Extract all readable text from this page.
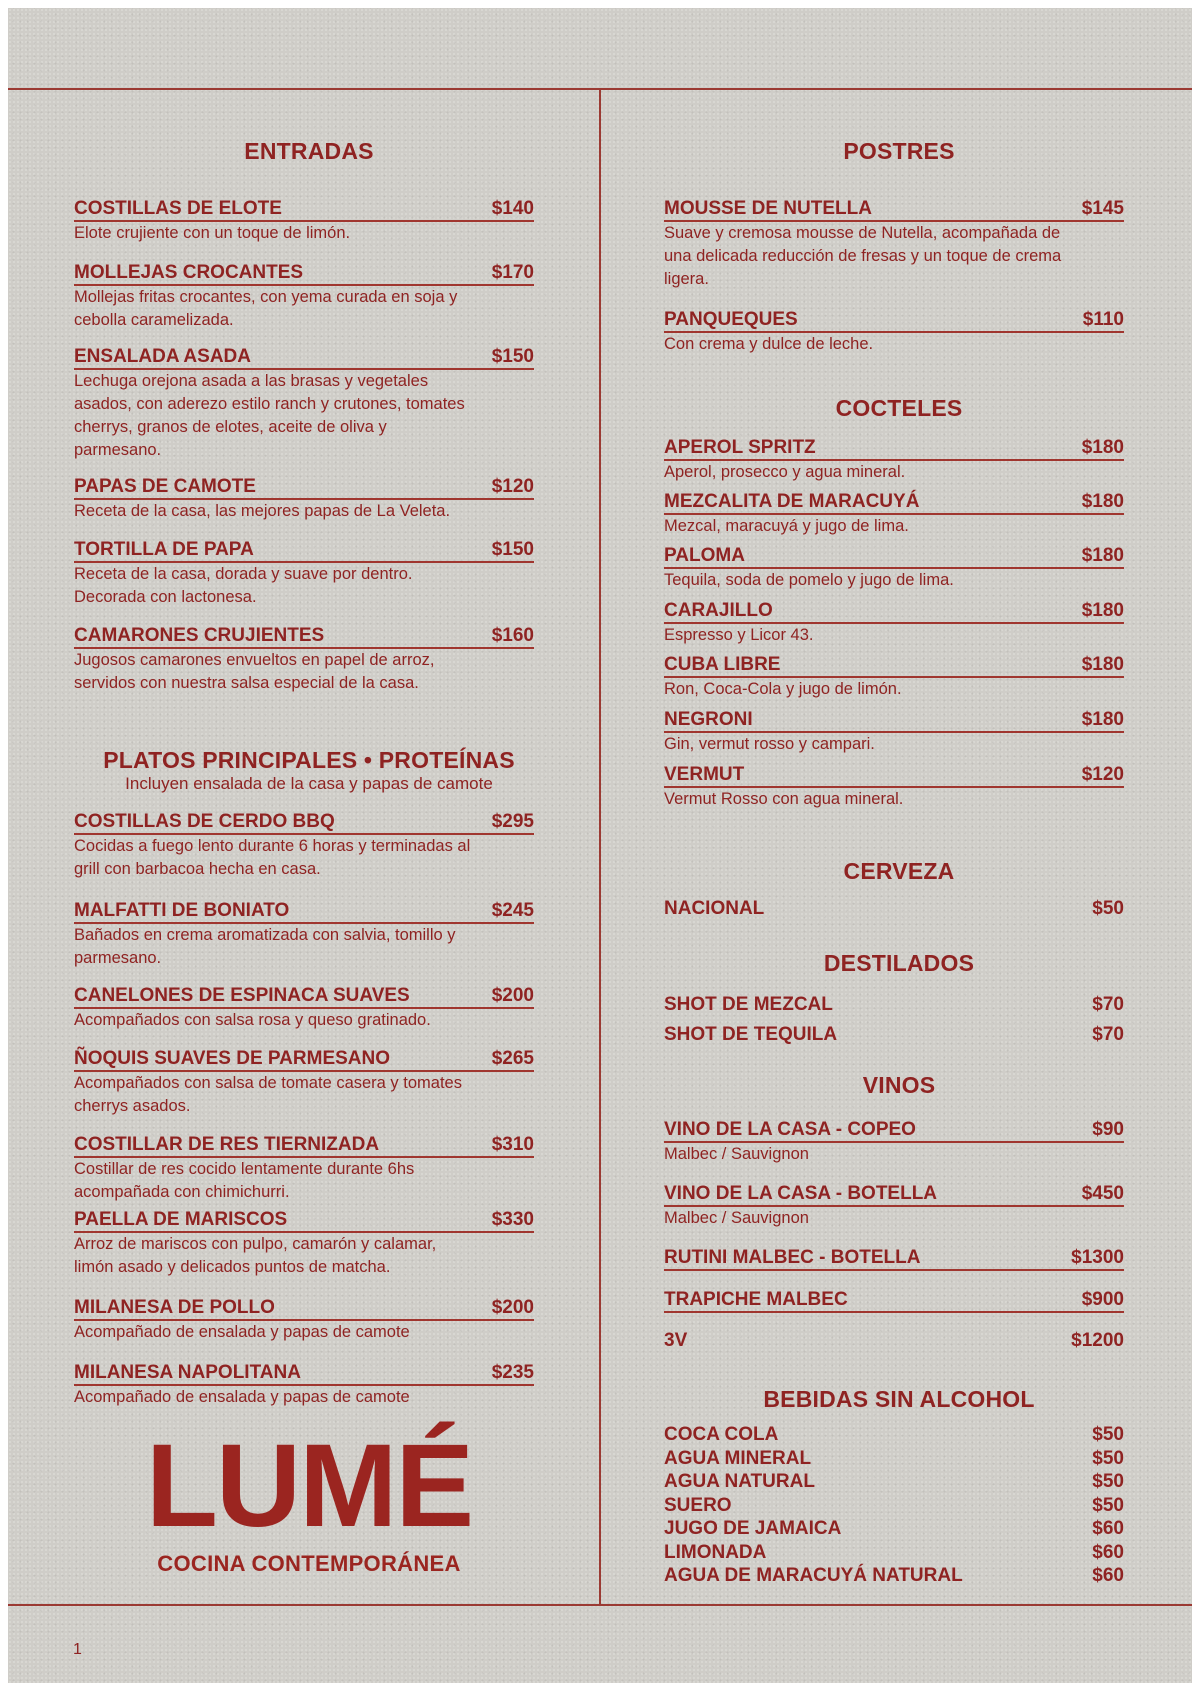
ENTRADAS
COSTILLAS DE ELOTE	$140
Elote crujiente con un toque de limón.
MOLLEJAS CROCANTES	$170
Mollejas fritas crocantes, con yema curada en soja y cebolla caramelizada.
ENSALADA ASADA	$150
Lechuga orejona asada a las brasas y vegetales asados, con aderezo estilo ranch y crutones, tomates cherrys, granos de elotes, aceite de oliva y parmesano.
PAPAS DE CAMOTE	$120
Receta de la casa, las mejores papas de La Veleta.
TORTILLA DE PAPA	$150
Receta de la casa, dorada y suave por dentro. Decorada con lactonesa.
CAMARONES CRUJIENTES	$160
Jugosos camarones envueltos en papel de arroz, servidos con nuestra salsa especial de la casa.
PLATOS PRINCIPALES • PROTEÍNAS
Incluyen ensalada de la casa y papas de camote
COSTILLAS DE CERDO BBQ	$295
Cocidas a fuego lento durante 6 horas y terminadas al grill con barbacoa hecha en casa.
MALFATTI DE BONIATO	$245
Bañados en crema aromatizada con salvia, tomillo y parmesano.
CANELONES DE ESPINACA SUAVES	$200
Acompañados con salsa rosa y queso gratinado.
ÑOQUIS SUAVES DE PARMESANO	$265
Acompañados con salsa de tomate casera y tomates cherrys asados.
COSTILLAR DE RES TIERNIZADA	$310
Costillar de res cocido lentamente durante 6hs acompañada con chimichurri.
PAELLA DE MARISCOS	$330
Arroz de mariscos con pulpo, camarón y calamar, limón asado y delicados puntos de matcha.
MILANESA DE POLLO	$200
Acompañado de ensalada y papas de camote
MILANESA NAPOLITANA	$235
Acompañado de ensalada y papas de camote
LUMÉ
COCINA CONTEMPORÁNEA
POSTRES
MOUSSE DE NUTELLA	$145
Suave y cremosa mousse de Nutella, acompañada de una delicada reducción de fresas y un toque de crema ligera.
PANQUEQUES	$110
Con crema y dulce de leche.
COCTELES
APEROL SPRITZ	$180
Aperol, prosecco y agua mineral.
MEZCALITA DE MARACUYÁ	$180
Mezcal, maracuyá y jugo de lima.
PALOMA	$180
Tequila, soda de pomelo y jugo de lima.
CARAJILLO	$180
Espresso y Licor 43.
CUBA LIBRE	$180
Ron, Coca-Cola y jugo de limón.
NEGRONI	$180
Gin, vermut rosso y campari.
VERMUT	$120
Vermut Rosso con agua mineral.
CERVEZA
NACIONAL	$50
DESTILADOS
SHOT DE MEZCAL	$70
SHOT DE TEQUILA	$70
VINOS
VINO DE LA CASA - COPEO	$90
Malbec / Sauvignon
VINO DE LA CASA - BOTELLA	$450
Malbec / Sauvignon
RUTINI MALBEC - BOTELLA	$1300
TRAPICHE MALBEC	$900
3V	$1200
BEBIDAS SIN ALCOHOL
COCA COLA	$50
AGUA MINERAL	$50
AGUA NATURAL	$50
SUERO	$50
JUGO DE JAMAICA	$60
LIMONADA	$60
AGUA DE MARACUYÁ NATURAL	$60
1
